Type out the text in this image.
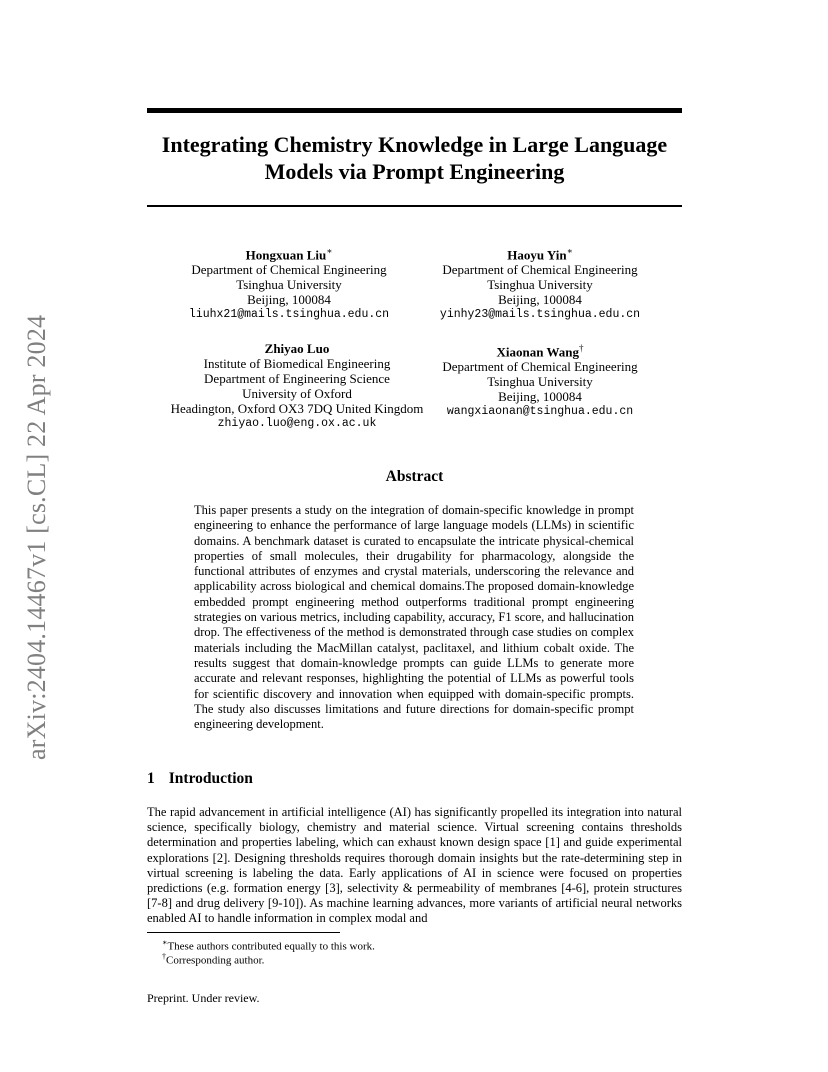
arXiv:2404.14467v1 [cs.CL] 22 Apr 2024
Integrating Chemistry Knowledge in Large Language Models via Prompt Engineering
Hongxuan Liu∗
Department of Chemical Engineering
Tsinghua University
Beijing, 100084
liuhx21@mails.tsinghua.edu.cn
Haoyu Yin∗
Department of Chemical Engineering
Tsinghua University
Beijing, 100084
yinhy23@mails.tsinghua.edu.cn
Zhiyao Luo
Institute of Biomedical Engineering
Department of Engineering Science
University of Oxford
Headington, Oxford OX3 7DQ United Kingdom
zhiyao.luo@eng.ox.ac.uk
Xiaonan Wang†
Department of Chemical Engineering
Tsinghua University
Beijing, 100084
wangxiaonan@tsinghua.edu.cn
Abstract
This paper presents a study on the integration of domain-specific knowledge in prompt engineering to enhance the performance of large language models (LLMs) in scientific domains. A benchmark dataset is curated to encapsulate the intricate physical-chemical properties of small molecules, their drugability for pharmacology, alongside the functional attributes of enzymes and crystal materials, underscoring the relevance and applicability across biological and chemical domains.The proposed domain-knowledge embedded prompt engineering method outperforms traditional prompt engineering strategies on various metrics, including capability, accuracy, F1 score, and hallucination drop. The effectiveness of the method is demonstrated through case studies on complex materials including the MacMillan catalyst, paclitaxel, and lithium cobalt oxide. The results suggest that domain-knowledge prompts can guide LLMs to generate more accurate and relevant responses, highlighting the potential of LLMs as powerful tools for scientific discovery and innovation when equipped with domain-specific prompts. The study also discusses limitations and future directions for domain-specific prompt engineering development.
1 Introduction
The rapid advancement in artificial intelligence (AI) has significantly propelled its integration into natural science, specifically biology, chemistry and material science. Virtual screening contains thresholds determination and properties labeling, which can exhaust known design space [1] and guide experimental explorations [2]. Designing thresholds requires thorough domain insights but the rate-determining step in virtual screening is labeling the data. Early applications of AI in science were focused on properties predictions (e.g. formation energy [3], selectivity & permeability of membranes [4-6], protein structures [7-8] and drug delivery [9-10]). As machine learning advances, more variants of artificial neural networks enabled AI to handle information in complex modal and
∗These authors contributed equally to this work.
†Corresponding author.
Preprint. Under review.
